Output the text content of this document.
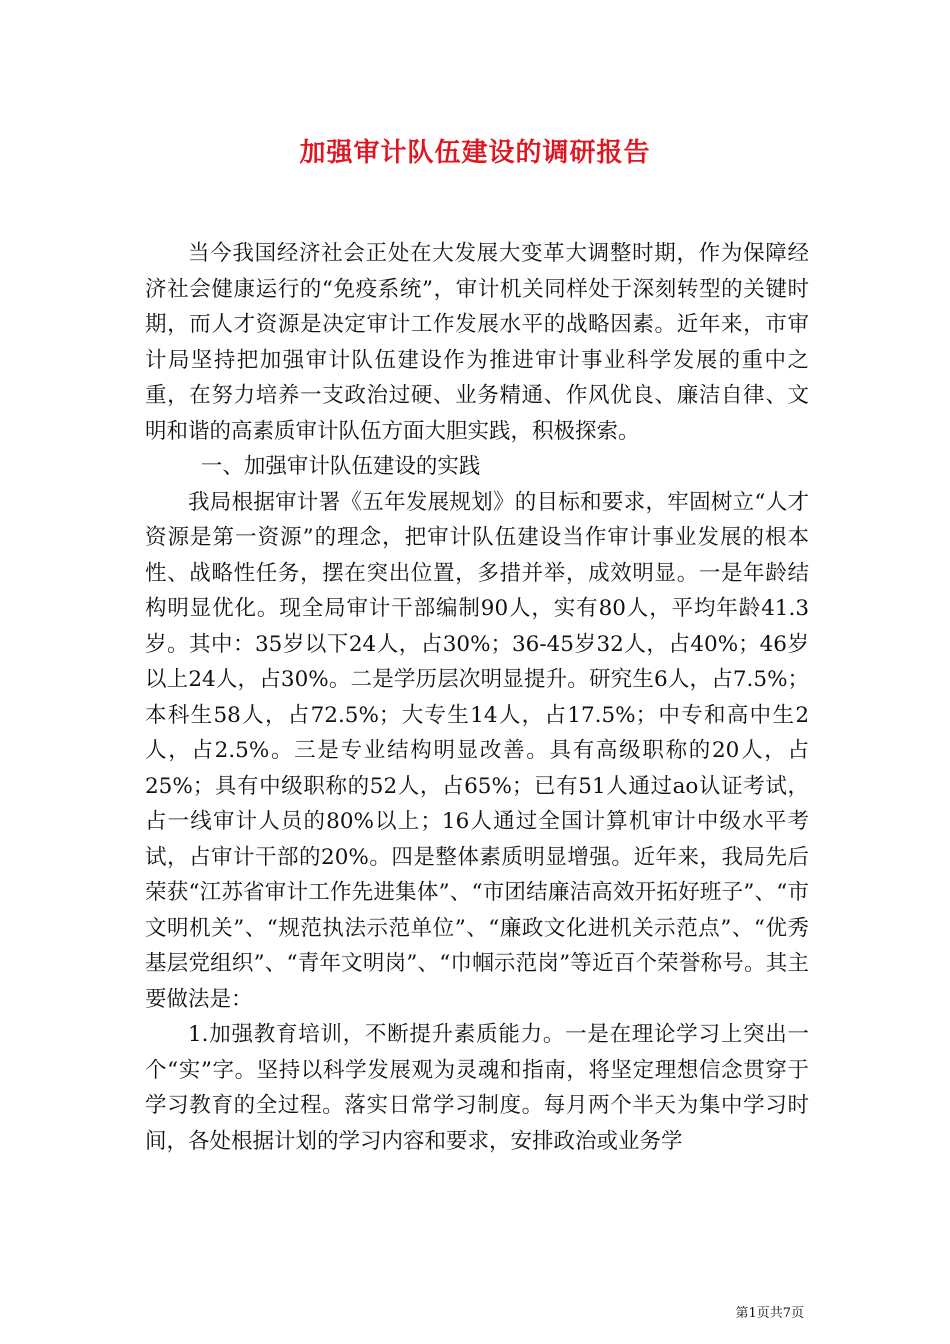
加强审计队伍建设的调研报告

当今我国经济社会正处在大发展大变革大调整时期，作为保障经济社会健康运行的“免疫系统”，审计机关同样处于深刻转型的关键时期，而人才资源是决定审计工作发展水平的战略因素。近年来，市审计局坚持把加强审计队伍建设作为推进审计事业科学发展的重中之重，在努力培养一支政治过硬、业务精通、作风优良、廉洁自律、文明和谐的高素质审计队伍方面大胆实践，积极探索。

一、加强审计队伍建设的实践

我局根据审计署《五年发展规划》的目标和要求，牢固树立“人才资源是第一资源”的理念，把审计队伍建设当作审计事业发展的根本性、战略性任务，摆在突出位置，多措并举，成效明显。一是年龄结构明显优化。现全局审计干部编制90人，实有80人，平均年龄41.3岁。其中：35岁以下24人，占30%；36-45岁32人，占40%；46岁以上24人，占30%。二是学历层次明显提升。研究生6人，占7.5%；本科生58人，占72.5%；大专生14人，占17.5%；中专和高中生2人，占2.5%。三是专业结构明显改善。具有高级职称的20人，占25%；具有中级职称的52人，占65%；已有51人通过ao认证考试，占一线审计人员的80%以上；16人通过全国计算机审计中级水平考试，占审计干部的20%。四是整体素质明显增强。近年来，我局先后荣获“江苏省审计工作先进集体”、“市团结廉洁高效开拓好班子”、“市文明机关”、“规范执法示范单位”、“廉政文化进机关示范点”、“优秀基层党组织”、“青年文明岗”、“巾帼示范岗”等近百个荣誉称号。其主要做法是：

1.加强教育培训，不断提升素质能力。一是在理论学习上突出一个“实”字。坚持以科学发展观为灵魂和指南，将坚定理想信念贯穿于学习教育的全过程。落实日常学习制度。每月两个半天为集中学习时间，各处根据计划的学习内容和要求，安排政治或业务学

第1页共7页
